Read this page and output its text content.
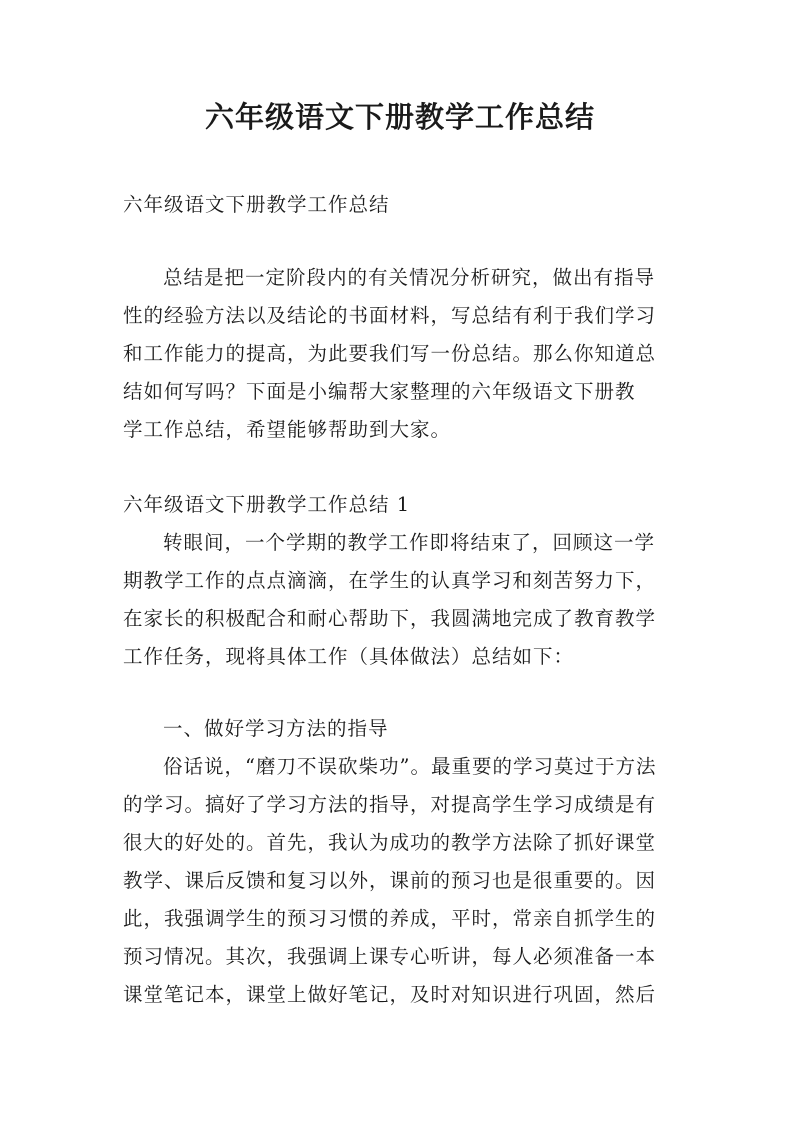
六年级语文下册教学工作总结
六年级语文下册教学工作总结
总结是把一定阶段内的有关情况分析研究，做出有指导
性的经验方法以及结论的书面材料，写总结有利于我们学习
和工作能力的提高，为此要我们写一份总结。那么你知道总
结如何写吗？下面是小编帮大家整理的六年级语文下册教
学工作总结，希望能够帮助到大家。
六年级语文下册教学工作总结 1
转眼间，一个学期的教学工作即将结束了，回顾这一学
期教学工作的点点滴滴，在学生的认真学习和刻苦努力下，
在家长的积极配合和耐心帮助下，我圆满地完成了教育教学
工作任务，现将具体工作（具体做法）总结如下：
一、做好学习方法的指导
俗话说，“磨刀不误砍柴功”。最重要的学习莫过于方法
的学习。搞好了学习方法的指导，对提高学生学习成绩是有
很大的好处的。首先，我认为成功的教学方法除了抓好课堂
教学、课后反馈和复习以外，课前的预习也是很重要的。因
此，我强调学生的预习习惯的养成，平时，常亲自抓学生的
预习情况。其次，我强调上课专心听讲，每人必须准备一本
课堂笔记本，课堂上做好笔记，及时对知识进行巩固，然后
